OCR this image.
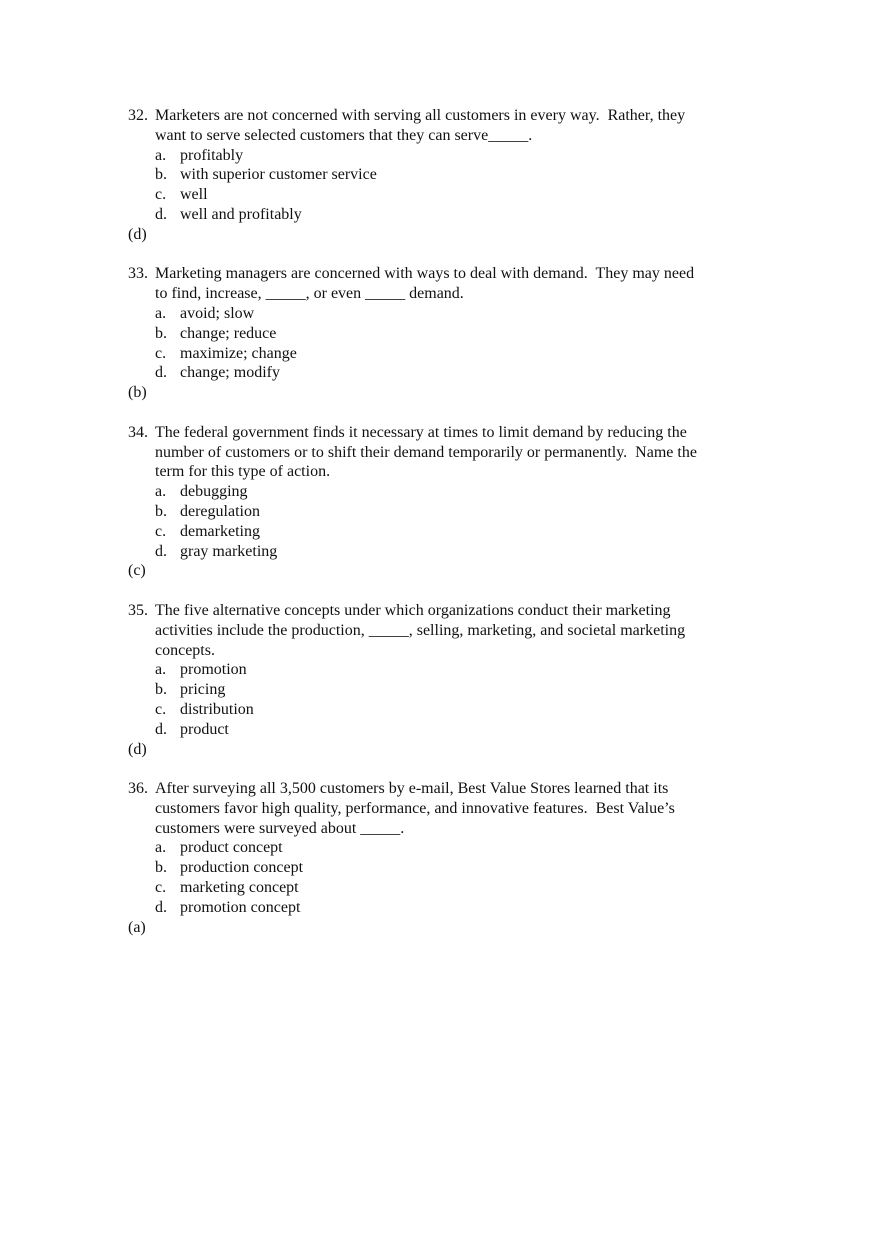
32. Marketers are not concerned with serving all customers in every way.  Rather, they
want to serve selected customers that they can serve_____.
a. profitably
b. with superior customer service
c. well
d. well and profitably
(d)
33. Marketing managers are concerned with ways to deal with demand.  They may need
to find, increase, _____, or even _____ demand.
a. avoid; slow
b. change; reduce
c. maximize; change
d. change; modify
(b)
34. The federal government finds it necessary at times to limit demand by reducing the
number of customers or to shift their demand temporarily or permanently.  Name the
term for this type of action.
a. debugging
b. deregulation
c. demarketing
d. gray marketing
(c)
35. The five alternative concepts under which organizations conduct their marketing
activities include the production, _____, selling, marketing, and societal marketing
concepts.
a. promotion
b. pricing
c. distribution
d. product
(d)
36. After surveying all 3,500 customers by e-mail, Best Value Stores learned that its
customers favor high quality, performance, and innovative features.  Best Value’s
customers were surveyed about _____.
a. product concept
b. production concept
c. marketing concept
d. promotion concept
(a)
